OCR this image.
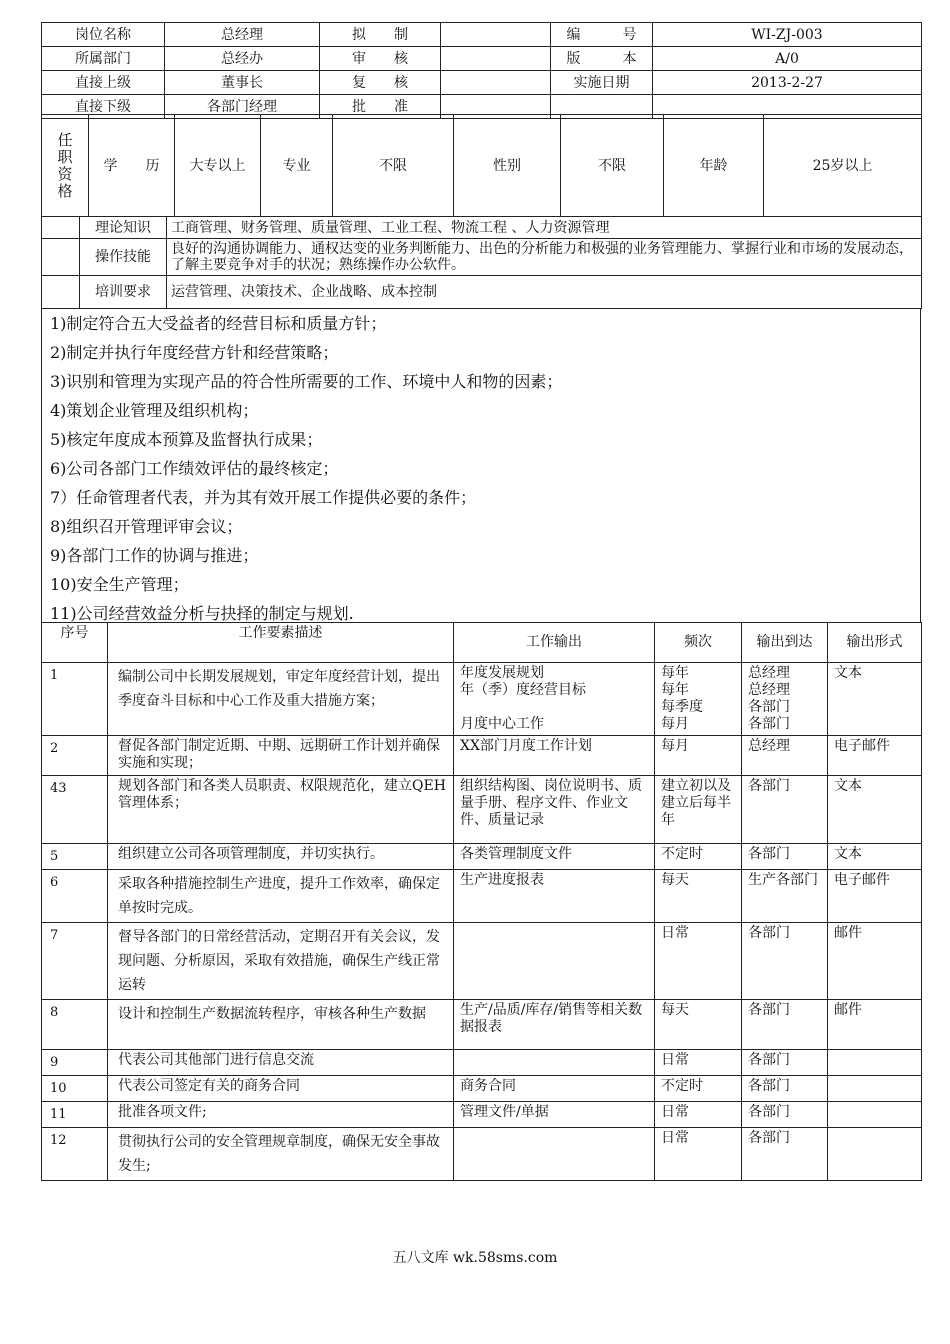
岗位名称	总经理	拟　　制		编　　　号	WI-ZJ-003
所属部门	总经办	审　　核		版　　　本	A/0
直接上级	董事长	复　　核		实施日期	2013-2-27
直接下级	各部门经理	批　　准			
任
职
资
格
	学　　历	大专以上	专业	不限	性别	不限	年龄	25岁以上
	理论知识	工商管理、财务管理、质量管理、工业工程、物流工程 、人力资源管理
	操作技能	良好的沟通协调能力、通权达变的业务判断能力、出色的分析能力和极强的业务管理能力、掌握行业和市场的发展动态，了解主要竞争对手的状况；熟练操作办公软件。
	培训要求	运营管理、决策技术、企业战略、成本控制
1)制定符合五大受益者的经营目标和质量方针；
2)制定并执行年度经营方针和经营策略；
3)识别和管理为实现产品的符合性所需要的工作、环境中人和物的因素；
4)策划企业管理及组织机构；
5)核定年度成本预算及监督执行成果；
6)公司各部门工作绩效评估的最终核定；
7）任命管理者代表，并为其有效开展工作提供必要的条件；
8)组织召开管理评审会议；
9)各部门工作的协调与推进；
10)安全生产管理；
11)公司经营效益分析与抉择的制定与规划.
序号	工作要素描述	工作输出	频次	输出到达	输出形式
1	编制公司中长期发展规划，审定年度经营计划，提出季度奋斗目标和中心工作及重大措施方案；	年度发展规划
年（季）度经营目标

月度中心工作	每年
每年
每季度
每月	总经理
总经理
各部门
各部门	文本
2	督促各部门制定近期、中期、远期研工作计划并确保实施和实现；	XX部门月度工作计划	每月	总经理	电子邮件
43	规划各部门和各类人员职责、权限规范化，建立QEH管理体系；	组织结构图、岗位说明书、质量手册、程序文件、作业文件、质量记录	建立初以及建立后每半年	各部门	文本
5	组织建立公司各项管理制度，并切实执行。	各类管理制度文件	不定时	各部门	文本
6	采取各种措施控制生产进度，提升工作效率，确保定单按时完成。	生产进度报表	每天	生产各部门	电子邮件
7	督导各部门的日常经营活动，定期召开有关会议，发现问题、分析原因，采取有效措施，确保生产线正常运转		日常	各部门	邮件
8	设计和控制生产数据流转程序，审核各种生产数据	生产/品质/库存/销售等相关数据报表	每天	各部门	邮件
9	代表公司其他部门进行信息交流		日常	各部门	
10	代表公司签定有关的商务合同	商务合同	不定时	各部门	
11	批准各项文件;	管理文件/单据	日常	各部门	
12	贯彻执行公司的安全管理规章制度，确保无安全事故发生;		日常	各部门	
五八文库 wk.58sms.com
